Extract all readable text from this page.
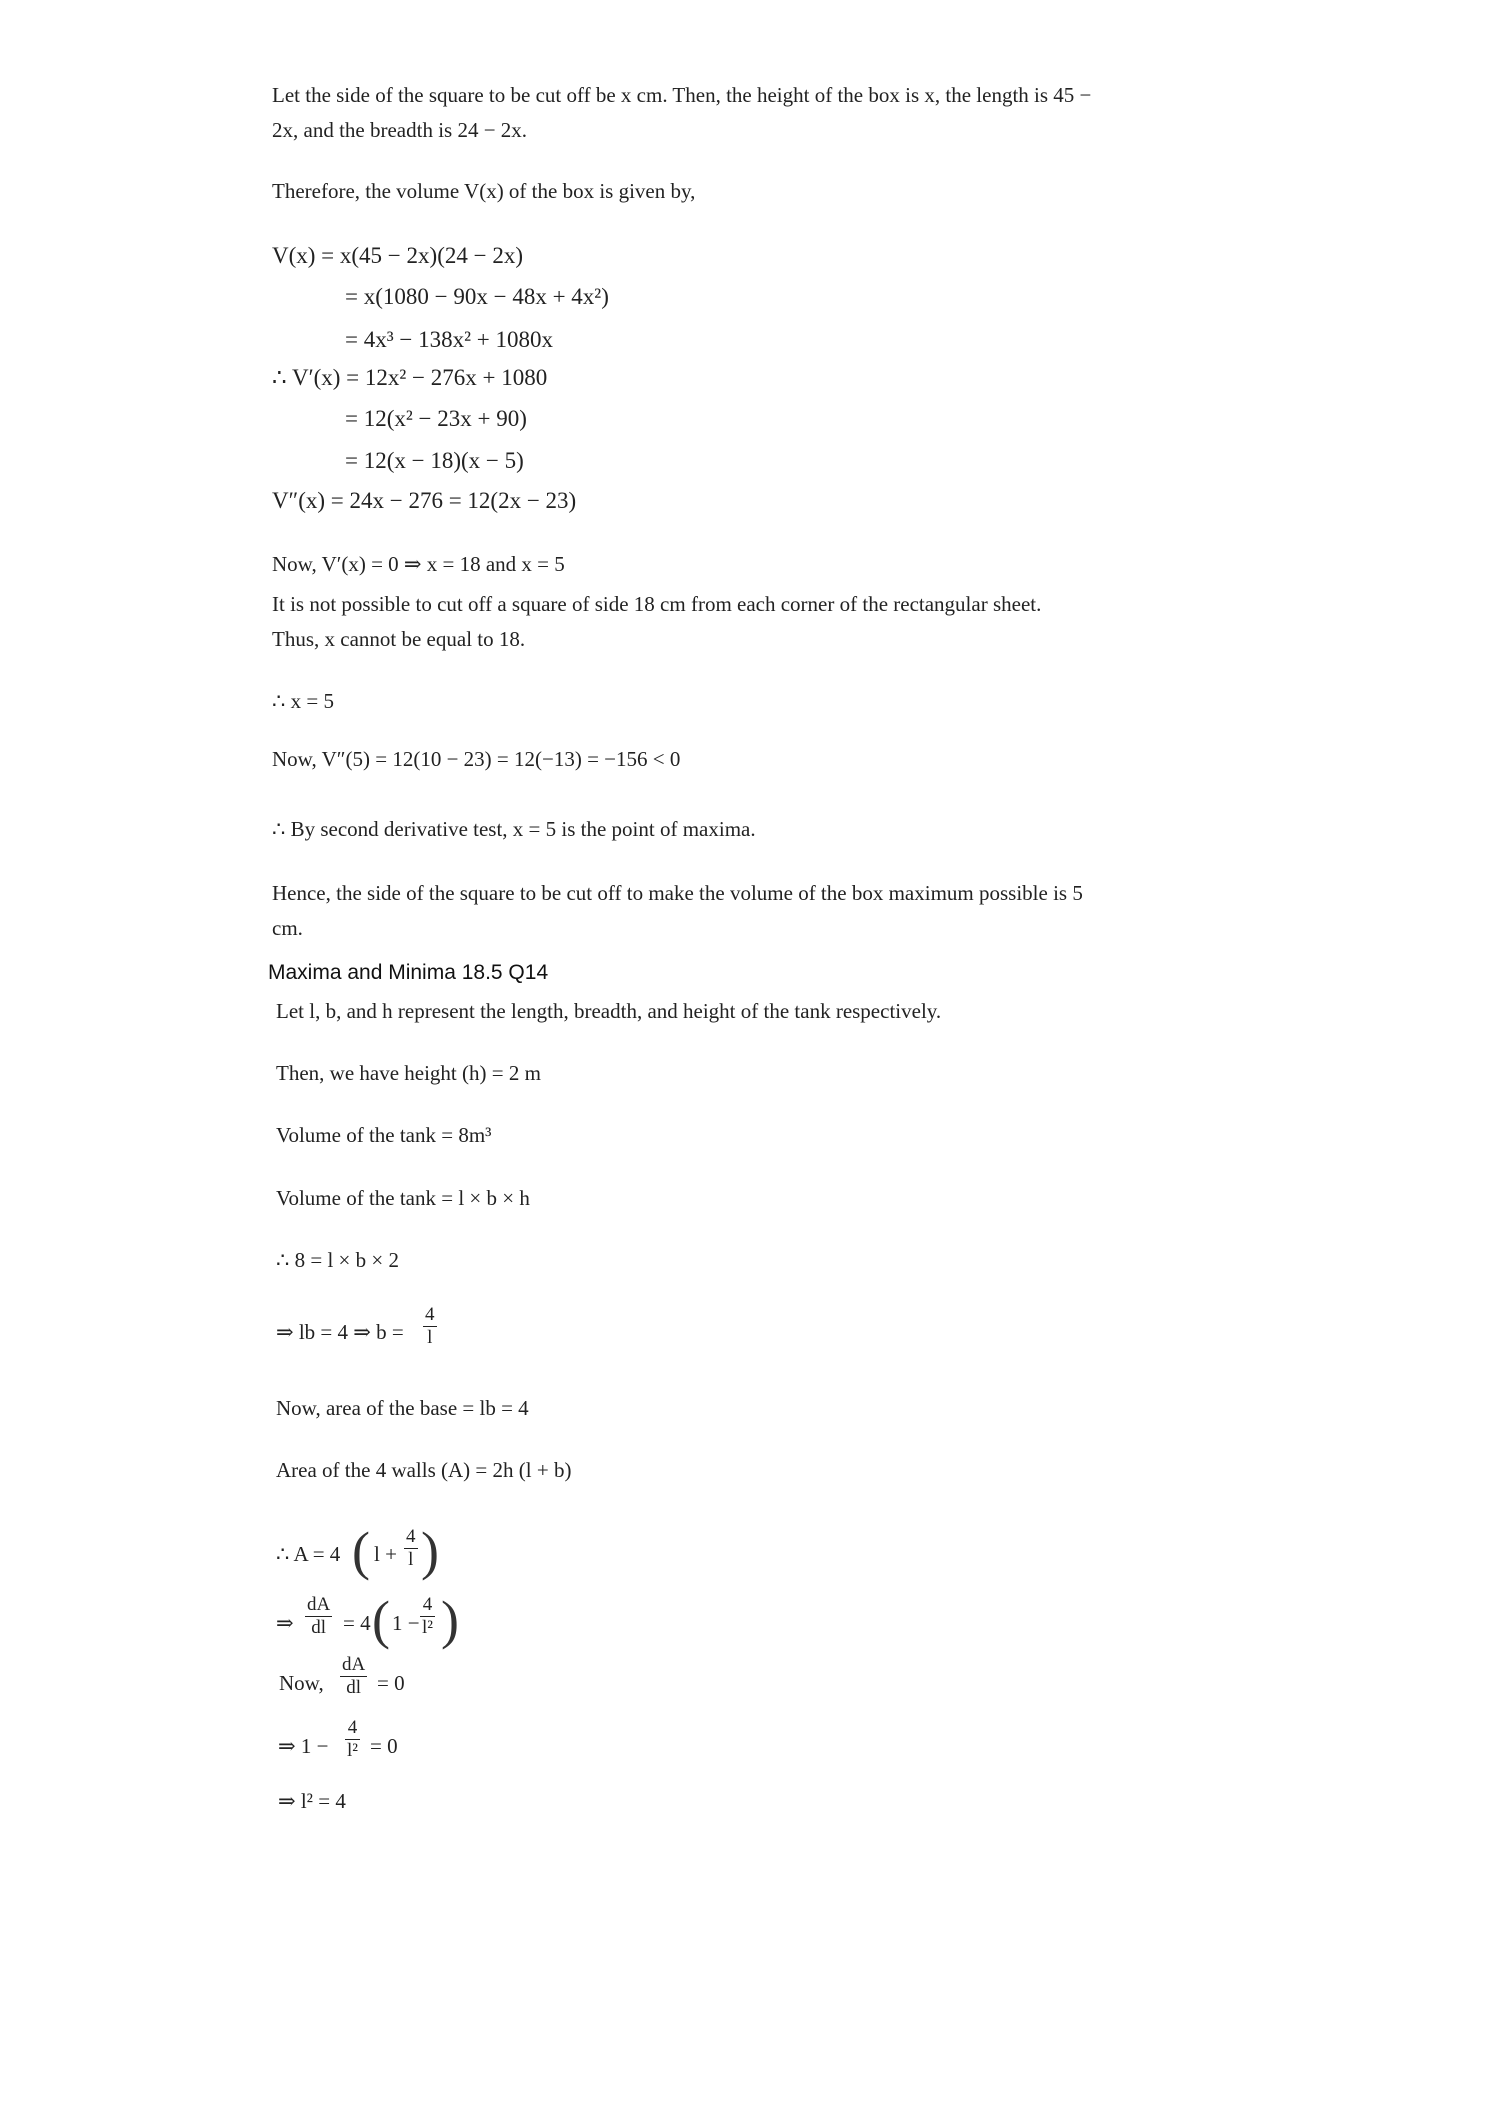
Let the side of the square to be cut off be x cm. Then, the height of the box is x, the length is 45 −

2x, and the breadth is 24 − 2x.

Therefore, the volume V(x) of the box is given by,

V(x) = x(45 − 2x)(24 − 2x)

= x(1080 − 90x − 48x + 4x²)

= 4x³ − 138x² + 1080x

∴ V′(x) = 12x² − 276x + 1080

= 12(x² − 23x + 90)

= 12(x − 18)(x − 5)

V″(x) = 24x − 276 = 12(2x − 23)

Now, V′(x) = 0 ⇒ x = 18 and x = 5

It is not possible to cut off a square of side 18 cm from each corner of the rectangular sheet.

Thus, x cannot be equal to 18.

∴ x = 5

Now, V″(5) = 12(10 − 23) = 12(−13) = −156 < 0

∴ By second derivative test, x = 5 is the point of maxima.

Hence, the side of the square to be cut off to make the volume of the box maximum possible is 5

cm.

Maxima and Minima 18.5 Q14

Let l, b, and h represent the length, breadth, and height of the tank respectively.

Then, we have height (h) = 2 m

Volume of the tank = 8m³

Volume of the tank = l × b × h

∴ 8 = l × b × 2

⇒ lb = 4 ⇒ b =

4
l

Now, area of the base = lb = 4

Area of the 4 walls (A) = 2h (l + b)

∴ A = 4 ( l +

4
l )

⇒

dA
dl = 4 ( 1 −

4
l² )

Now,

dA
dl = 0

⇒ 1 −

4
l² = 0

⇒ l² = 4
